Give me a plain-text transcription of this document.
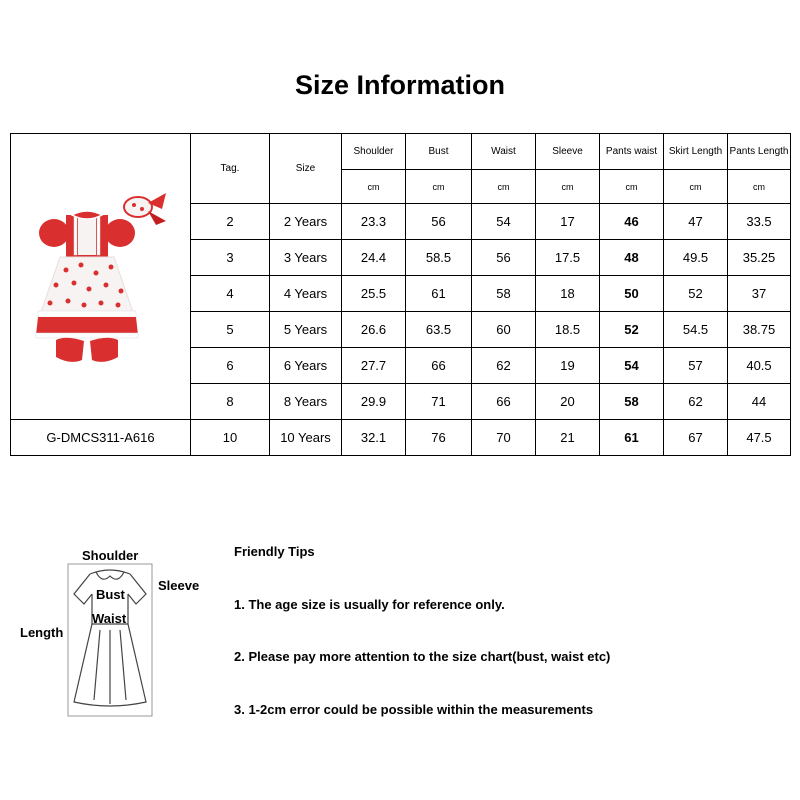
Size Information
	Tag.	Size	Shoulder	Bust	Waist	Sleeve	Pants waist	Skirt Length	Pants Length
			cm	cm	cm	cm	cm	cm	cm
	2	2 Years	23.3	56	54	17	46	47	33.5
	3	3 Years	24.4	58.5	56	17.5	48	49.5	35.25
	4	4 Years	25.5	61	58	18	50	52	37
	5	5 Years	26.6	63.5	60	18.5	52	54.5	38.75
	6	6 Years	27.7	66	62	19	54	57	40.5
	8	8 Years	29.9	71	66	20	58	62	44
G-DMCS311-A616	10	10 Years	32.1	76	70	21	61	67	47.5
Shoulder
Sleeve
Bust
Waist
Length
Friendly Tips
1. The age size is usually for reference only.
2. Please pay more attention to the size chart(bust, waist etc)
3. 1-2cm error could be possible within the measurements
